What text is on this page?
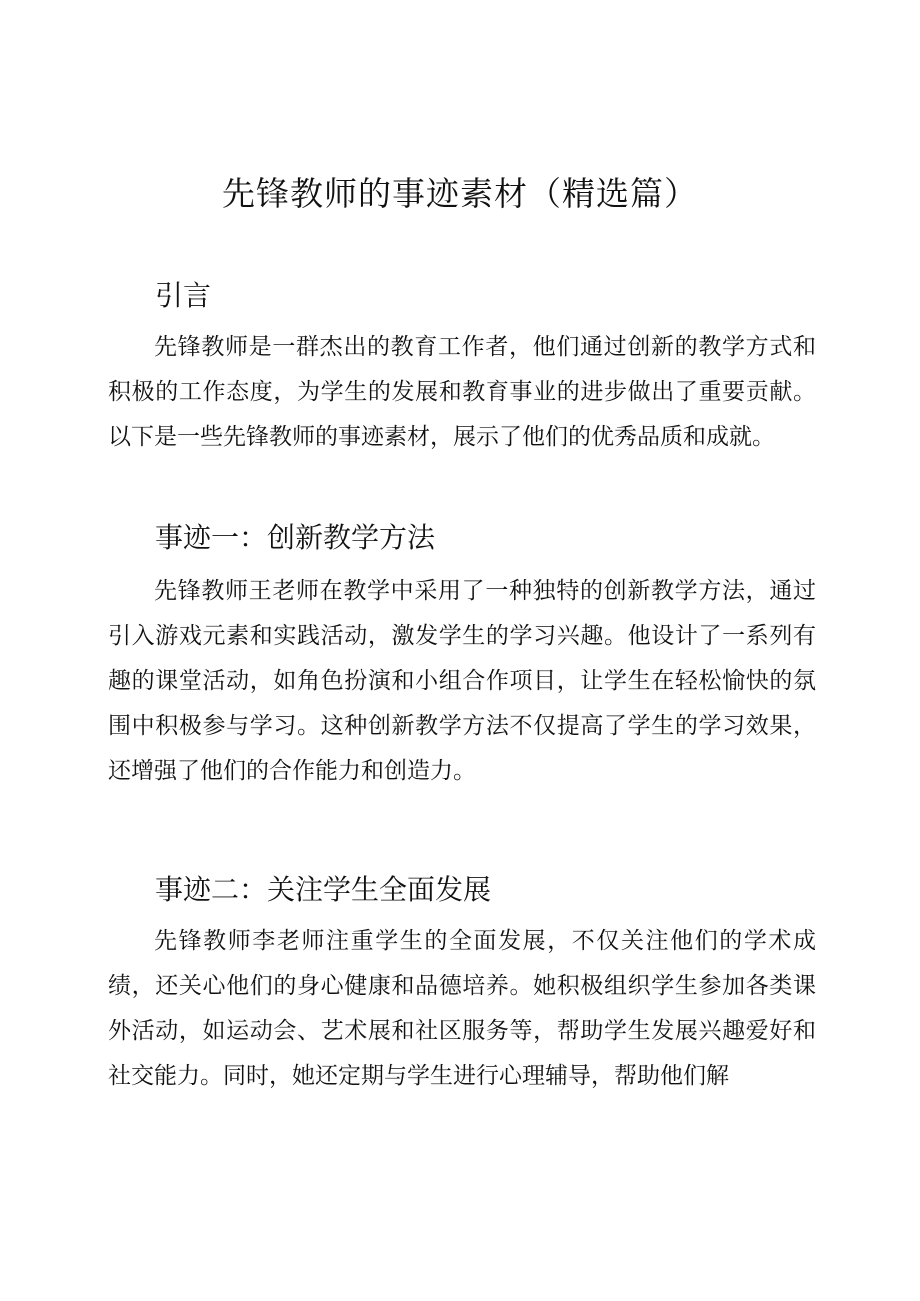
先锋教师的事迹素材（精选篇）
引言

先锋教师是一群杰出的教育工作者，他们通过创新的教学方式和积极的工作态度，为学生的发展和教育事业的进步做出了重要贡献。以下是一些先锋教师的事迹素材，展示了他们的优秀品质和成就。

事迹一：创新教学方法

先锋教师王老师在教学中采用了一种独特的创新教学方法，通过引入游戏元素和实践活动，激发学生的学习兴趣。他设计了一系列有趣的课堂活动，如角色扮演和小组合作项目，让学生在轻松愉快的氛围中积极参与学习。这种创新教学方法不仅提高了学生的学习效果，还增强了他们的合作能力和创造力。

事迹二：关注学生全面发展

先锋教师李老师注重学生的全面发展，不仅关注他们的学术成绩，还关心他们的身心健康和品德培养。她积极组织学生参加各类课外活动，如运动会、艺术展和社区服务等，帮助学生发展兴趣爱好和社交能力。同时，她还定期与学生进行心理辅导，帮助他们解
